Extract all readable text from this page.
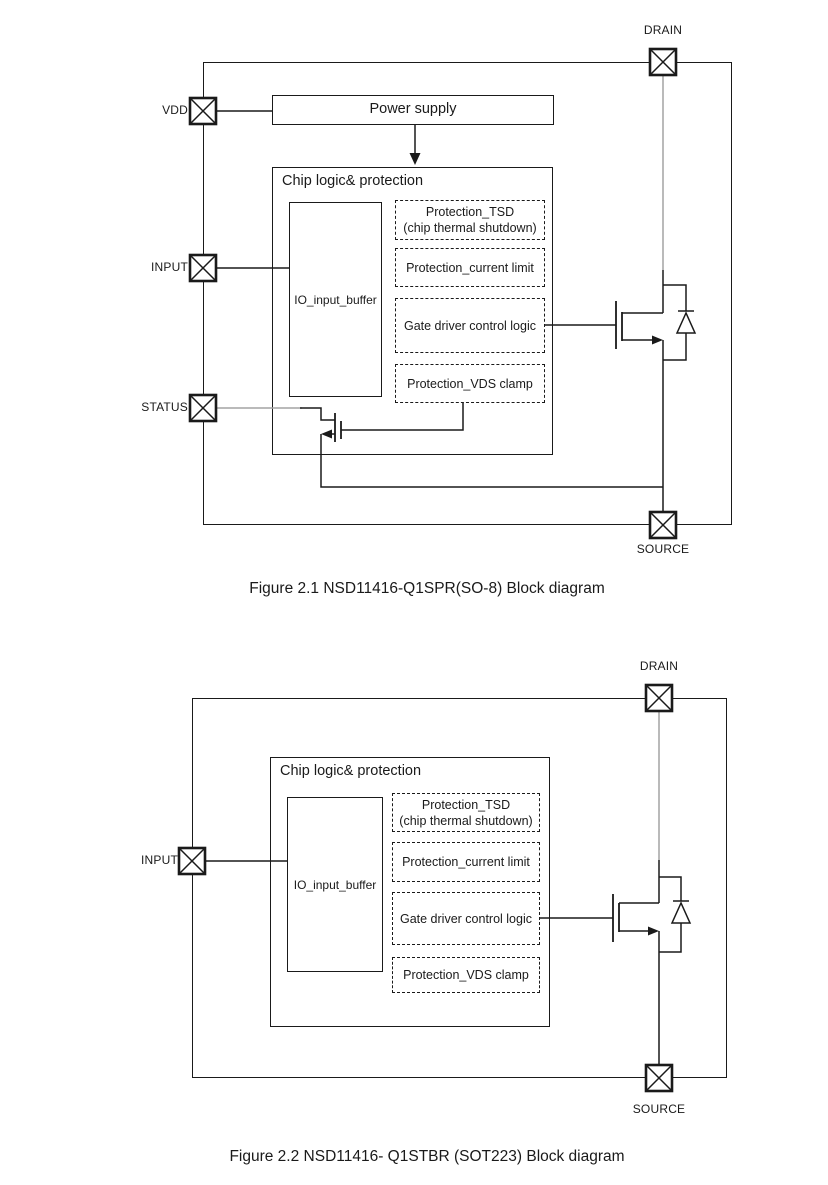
Power supply
Chip logic& protection
IO_input_buffer
Protection_TSD
(chip thermal shutdown)
Protection_current limit
Gate driver control logic
Protection_VDS clamp
VDD
INPUT
STATUS
DRAIN
SOURCE
Figure 2.1 NSD11416-Q1SPR(SO-8) Block diagram
Chip logic& protection
IO_input_buffer
Protection_TSD
(chip thermal shutdown)
Protection_current limit
Gate driver control logic
Protection_VDS clamp
INPUT
DRAIN
SOURCE
Figure 2.2 NSD11416- Q1STBR (SOT223) Block diagram
